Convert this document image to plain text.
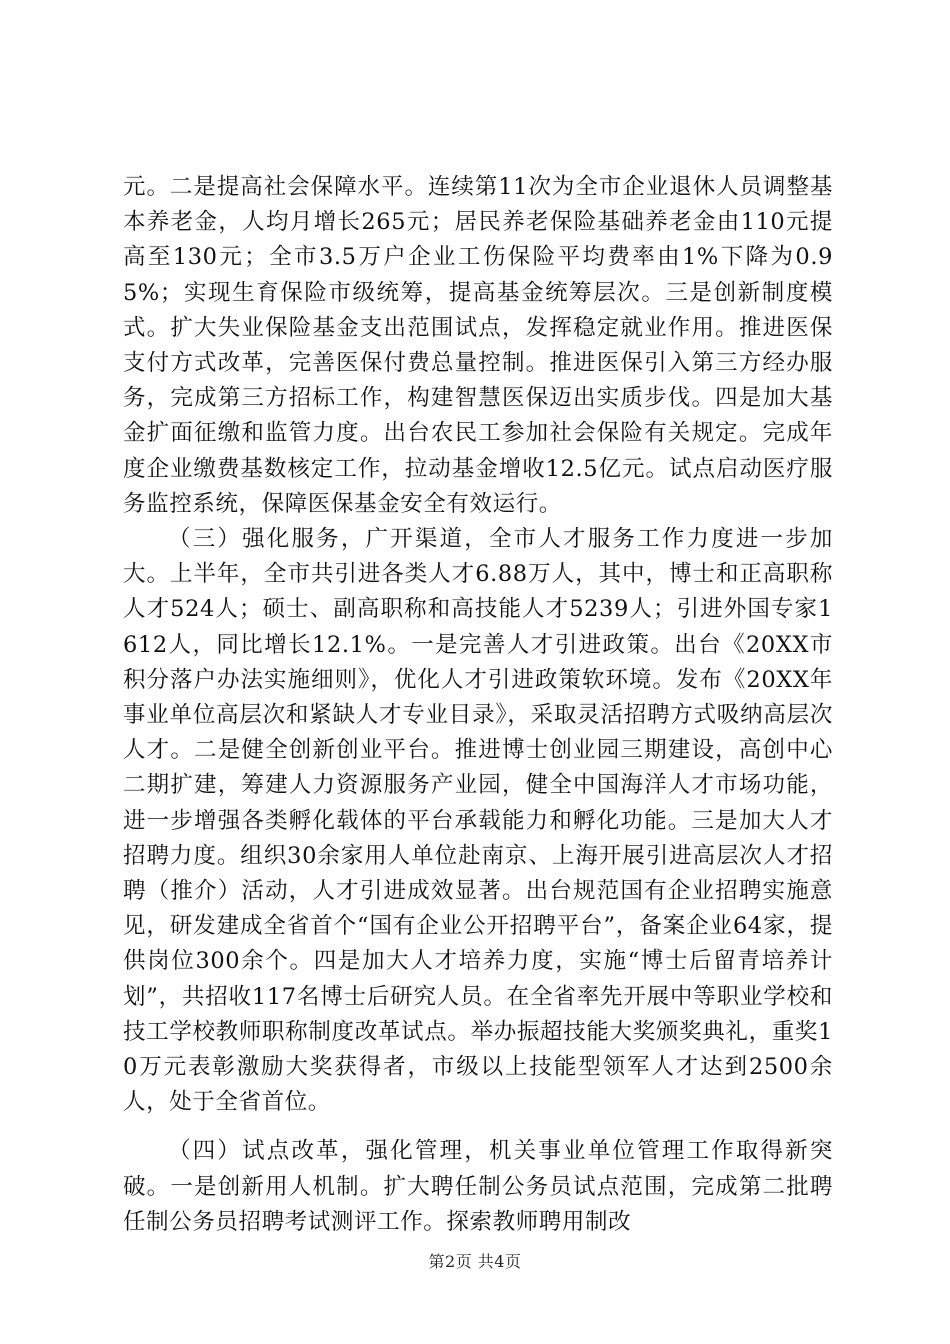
元。二是提高社会保障水平。连续第11次为全市企业退休人员调整基本养老金，人均月增长265元；居民养老保险基础养老金由110元提高至130元；全市3.5万户企业工伤保险平均费率由1%下降为0.95%；实现生育保险市级统筹，提高基金统筹层次。三是创新制度模式。扩大失业保险基金支出范围试点，发挥稳定就业作用。推进医保支付方式改革，完善医保付费总量控制。推进医保引入第三方经办服务，完成第三方招标工作，构建智慧医保迈出实质步伐。四是加大基金扩面征缴和监管力度。出台农民工参加社会保险有关规定。完成年度企业缴费基数核定工作，拉动基金增收12.5亿元。试点启动医疗服务监控系统，保障医保基金安全有效运行。

（三）强化服务，广开渠道，全市人才服务工作力度进一步加大。上半年，全市共引进各类人才6.88万人，其中，博士和正高职称人才524人；硕士、副高职称和高技能人才5239人；引进外国专家1612人，同比增长12.1%。一是完善人才引进政策。出台《20XX市积分落户办法实施细则》，优化人才引进政策软环境。发布《20XX年事业单位高层次和紧缺人才专业目录》，采取灵活招聘方式吸纳高层次人才。二是健全创新创业平台。推进博士创业园三期建设，高创中心二期扩建，筹建人力资源服务产业园，健全中国海洋人才市场功能，进一步增强各类孵化载体的平台承载能力和孵化功能。三是加大人才招聘力度。组织30余家用人单位赴南京、上海开展引进高层次人才招聘（推介）活动，人才引进成效显著。出台规范国有企业招聘实施意见，研发建成全省首个“国有企业公开招聘平台”，备案企业64家，提供岗位300余个。四是加大人才培养力度，实施“博士后留青培养计划”，共招收117名博士后研究人员。在全省率先开展中等职业学校和技工学校教师职称制度改革试点。举办振超技能大奖颁奖典礼，重奖10万元表彰激励大奖获得者，市级以上技能型领军人才达到2500余人，处于全省首位。

（四）试点改革，强化管理，机关事业单位管理工作取得新突破。一是创新用人机制。扩大聘任制公务员试点范围，完成第二批聘任制公务员招聘考试测评工作。探索教师聘用制改

第2页 共4页
